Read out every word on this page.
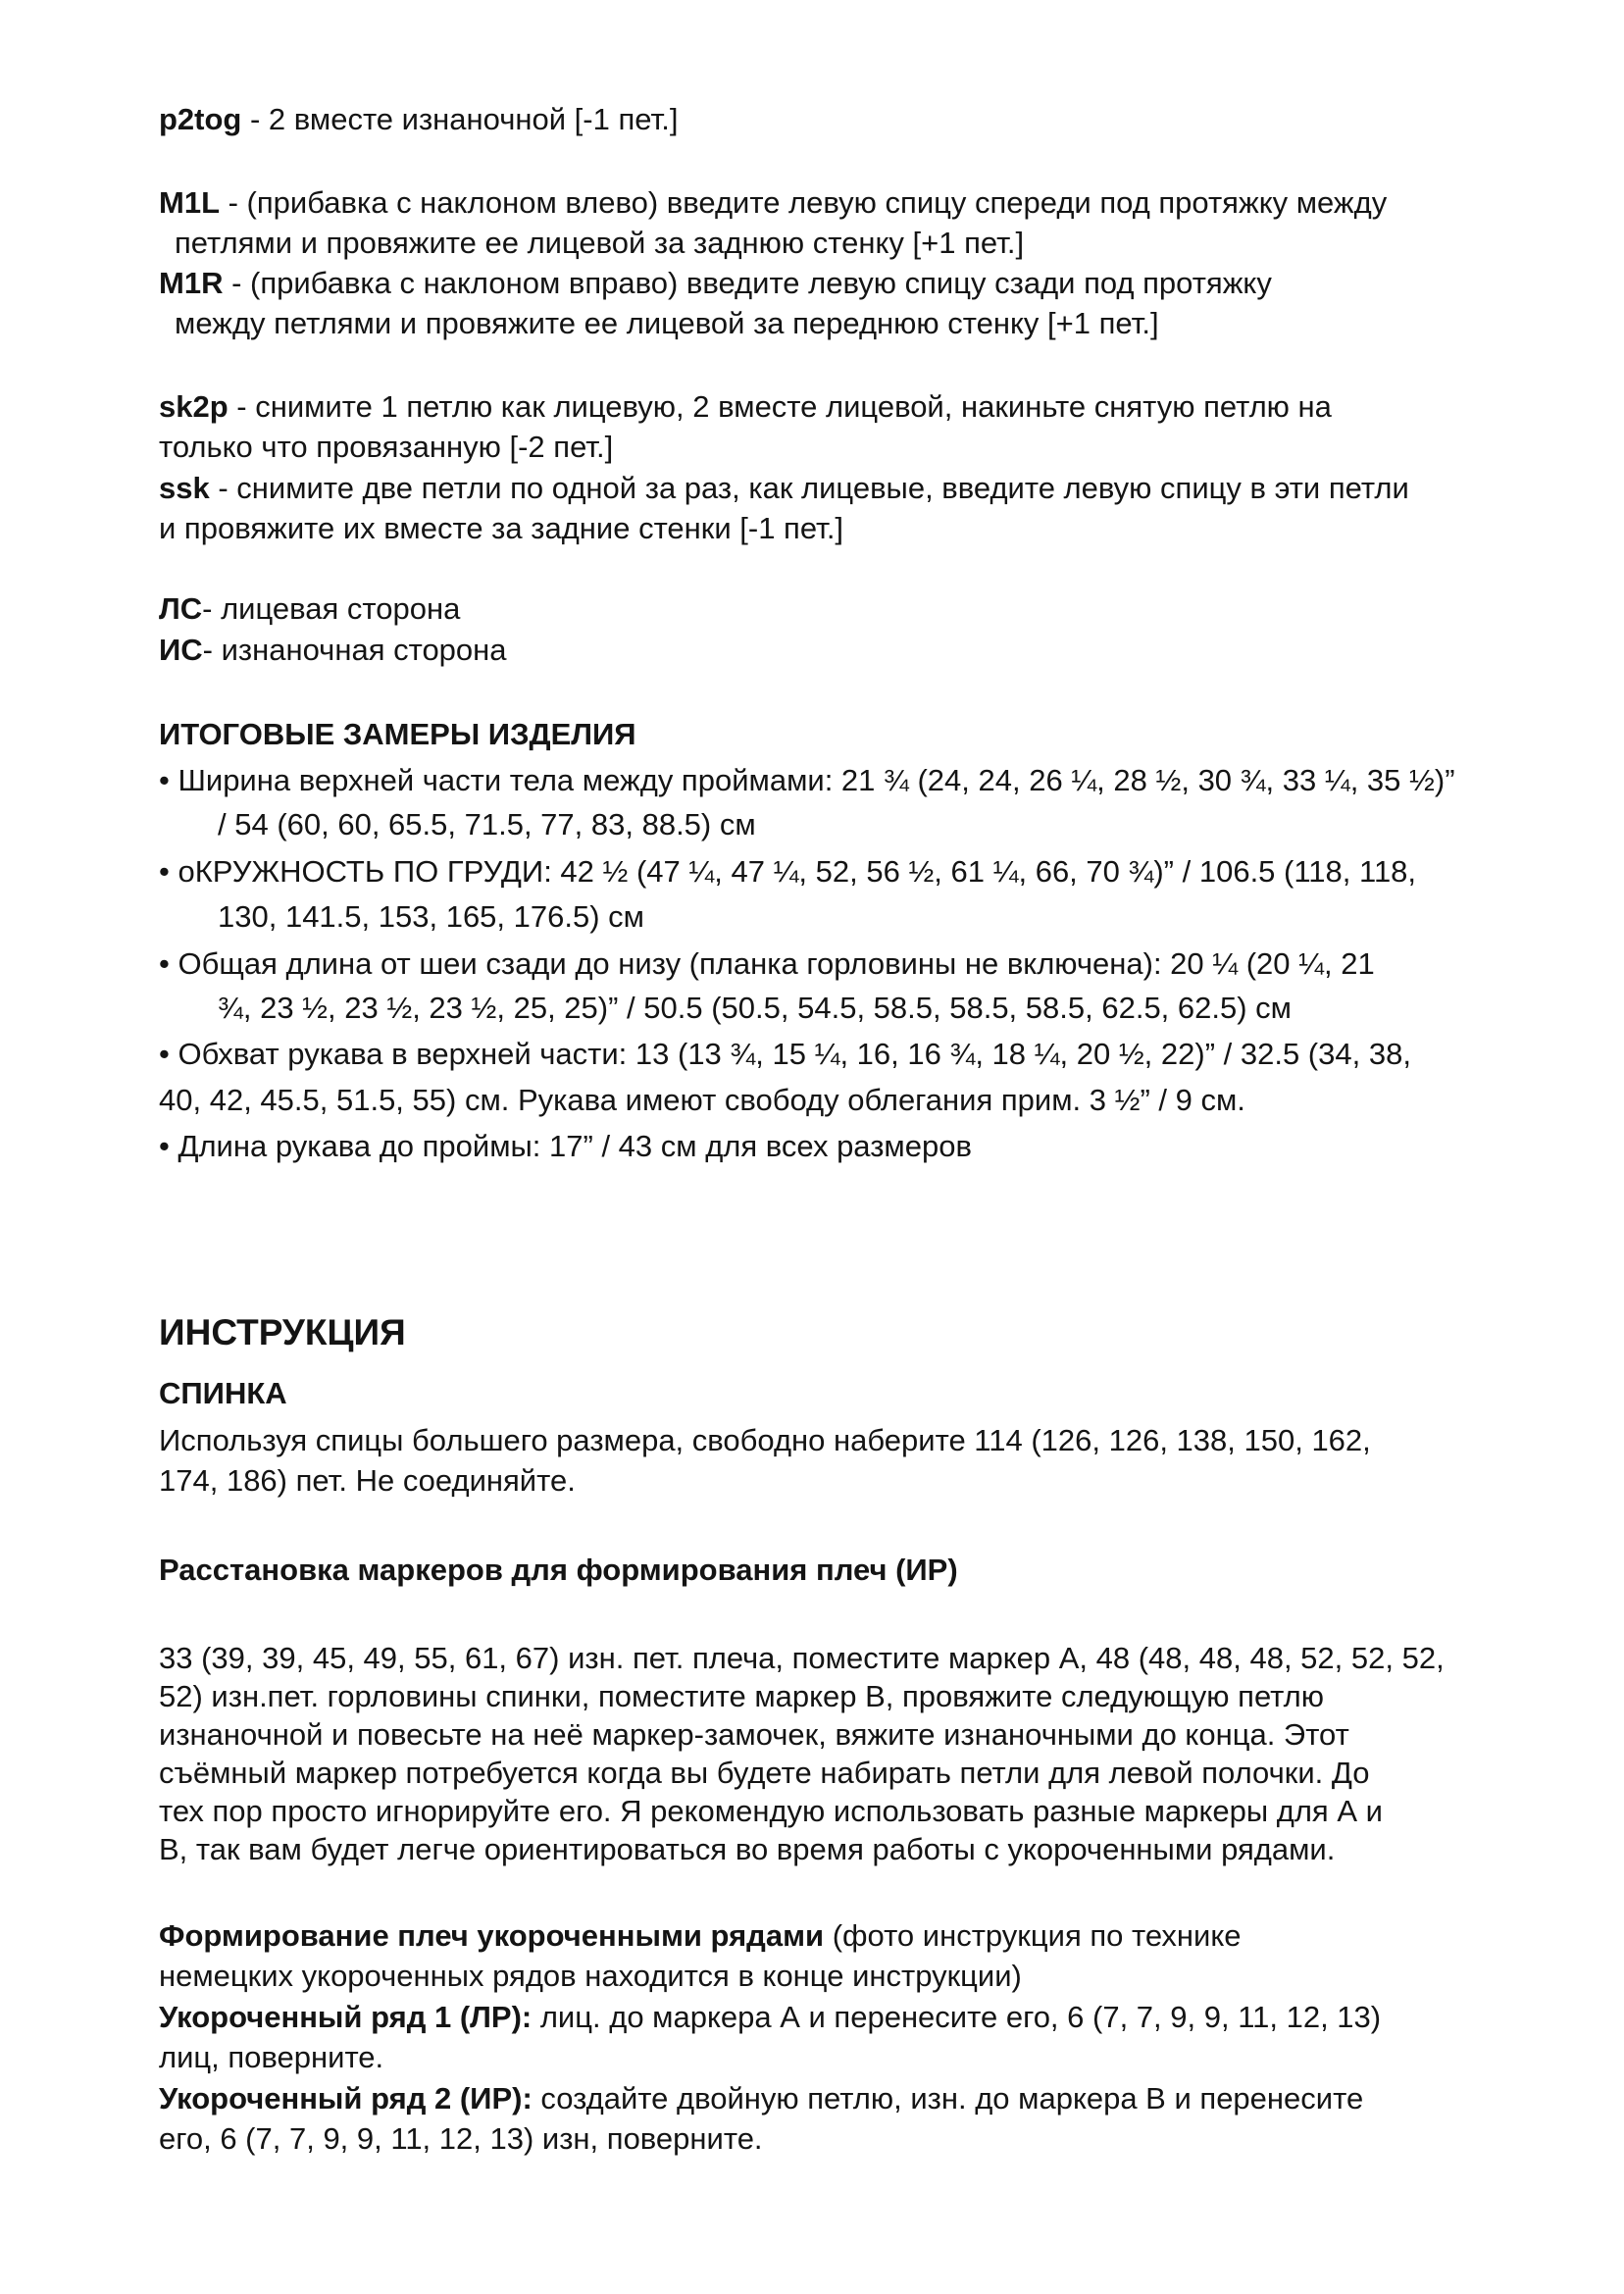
p2tog - 2 вместе изнаночной [-1 пет.]
M1L - (прибавка с наклоном влево) введите левую спицу спереди под протяжку между
петлями и провяжите ее лицевой за заднюю стенку [+1 пет.]
M1R - (прибавка с наклоном вправо) введите левую спицу сзади под протяжку
между петлями и провяжите ее лицевой за переднюю стенку [+1 пет.]
sk2p - снимите 1 петлю как лицевую, 2 вместе лицевой, накиньте снятую петлю на
только что провязанную [-2 пет.]
ssk - снимите две петли по одной за раз, как лицевые, введите левую спицу в эти петли
и провяжите их вместе за задние стенки [-1 пет.]
ЛС- лицевая сторона
ИС- изнаночная сторона
ИТОГОВЫЕ ЗАМЕРЫ ИЗДЕЛИЯ
• Ширина верхней части тела между проймами: 21 ¾ (24, 24, 26 ¼, 28 ½, 30 ¾, 33 ¼, 35 ½)”
/ 54 (60, 60, 65.5, 71.5, 77, 83, 88.5) см
• оКРУЖНОСТЬ ПО ГРУДИ: 42 ½ (47 ¼, 47 ¼, 52, 56 ½, 61 ¼, 66, 70 ¾)” / 106.5 (118, 118,
130, 141.5, 153, 165, 176.5) см
• Общая длина от шеи сзади до низу (планка горловины не включена): 20 ¼ (20 ¼, 21
¾, 23 ½, 23 ½, 23 ½, 25, 25)” / 50.5 (50.5, 54.5, 58.5, 58.5, 58.5, 62.5, 62.5) см
• Обхват рукава в верхней части: 13 (13 ¾, 15 ¼, 16, 16 ¾, 18 ¼, 20 ½, 22)” / 32.5 (34, 38,
40, 42, 45.5, 51.5, 55) см. Рукава имеют свободу облегания прим. 3 ½” / 9 см.
• Длина рукава до проймы: 17” / 43 см для всех размеров
ИНСТРУКЦИЯ
СПИНКА
Используя спицы большего размера, свободно наберите 114 (126, 126, 138, 150, 162,
174, 186) пет. Не соединяйте.
Расстановка маркеров для формирования плеч (ИР)
33 (39, 39, 45, 49, 55, 61, 67) изн. пет. плеча, поместите маркер А, 48 (48, 48, 48, 52, 52, 52,
52) изн.пет. горловины спинки, поместите маркер В, провяжите следующую петлю
изнаночной и повесьте на неё маркер-замочек, вяжите изнаночными до конца. Этот
съёмный маркер потребуется когда вы будете набирать петли для левой полочки. До
тех пор просто игнорируйте его. Я рекомендую использовать разные маркеры для А и
В, так вам будет легче ориентироваться во время работы с укороченными рядами.
Формирование плеч укороченными рядами (фото инструкция по технике
немецких укороченных рядов находится в конце инструкции)
Укороченный ряд 1 (ЛР): лиц. до маркера А и перенесите его, 6 (7, 7, 9, 9, 11, 12, 13)
лиц, поверните.
Укороченный ряд 2 (ИР): создайте двойную петлю, изн. до маркера В и перенесите
его, 6 (7, 7, 9, 9, 11, 12, 13) изн, поверните.
